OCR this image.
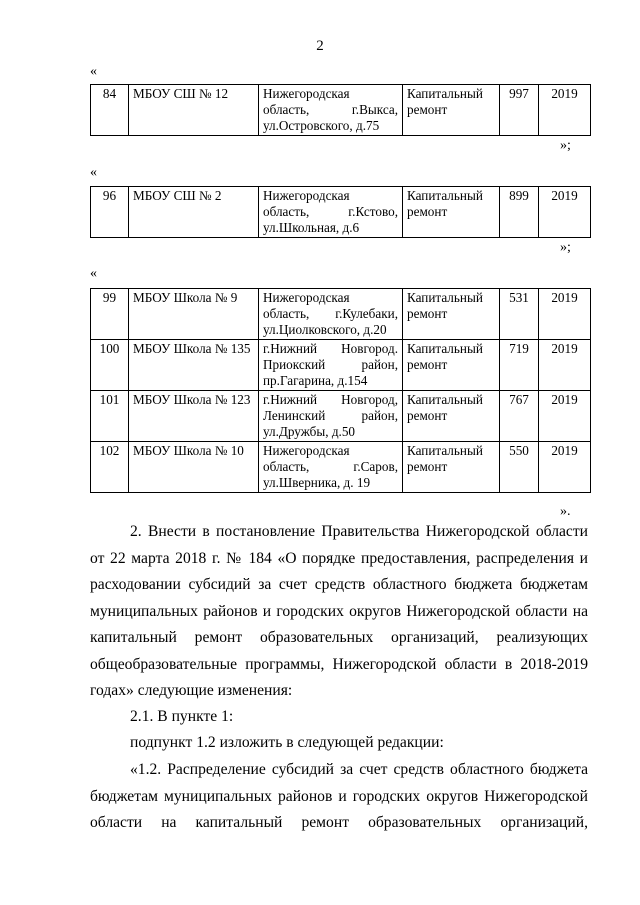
2
«
84	МБОУ СШ № 12	Нижегородская область, г.Выкса, ул.Островского, д.75	Капитальный ремонт	997	2019
»;
«
96	МБОУ СШ № 2	Нижегородская область, г.Кстово, ул.Школьная, д.6	Капитальный ремонт	899	2019
»;
«
99	МБОУ Школа № 9	Нижегородская область, г.Кулебаки, ул.Циолковского, д.20	Капитальный ремонт	531	2019
100	МБОУ Школа № 135	г.Нижний Новгород. Приокский район, пр.Гагарина, д.154	Капитальный ремонт	719	2019
101	МБОУ Школа № 123	г.Нижний Новгород, Ленинский район, ул.Дружбы, д.50	Капитальный ремонт	767	2019
102	МБОУ Школа № 10	Нижегородская область, г.Саров, ул.Шверника, д. 19	Капитальный ремонт	550	2019
».
2. Внести в постановление Правительства Нижегородской области от 22 марта 2018 г. № 184 «О порядке предоставления, распределения и расходовании субсидий за счет средств областного бюджета бюджетам муниципальных районов и городских округов Нижегородской области на капитальный ремонт образовательных организаций, реализующих общеобразовательные программы, Нижегородской области в 2018-2019 годах» следующие изменения:
2.1. В пункте 1:
подпункт 1.2 изложить в следующей редакции:
«1.2. Распределение субсидий за счет средств областного бюджета бюджетам муниципальных районов и городских округов Нижегородской области на капитальный ремонт образовательных организаций,
